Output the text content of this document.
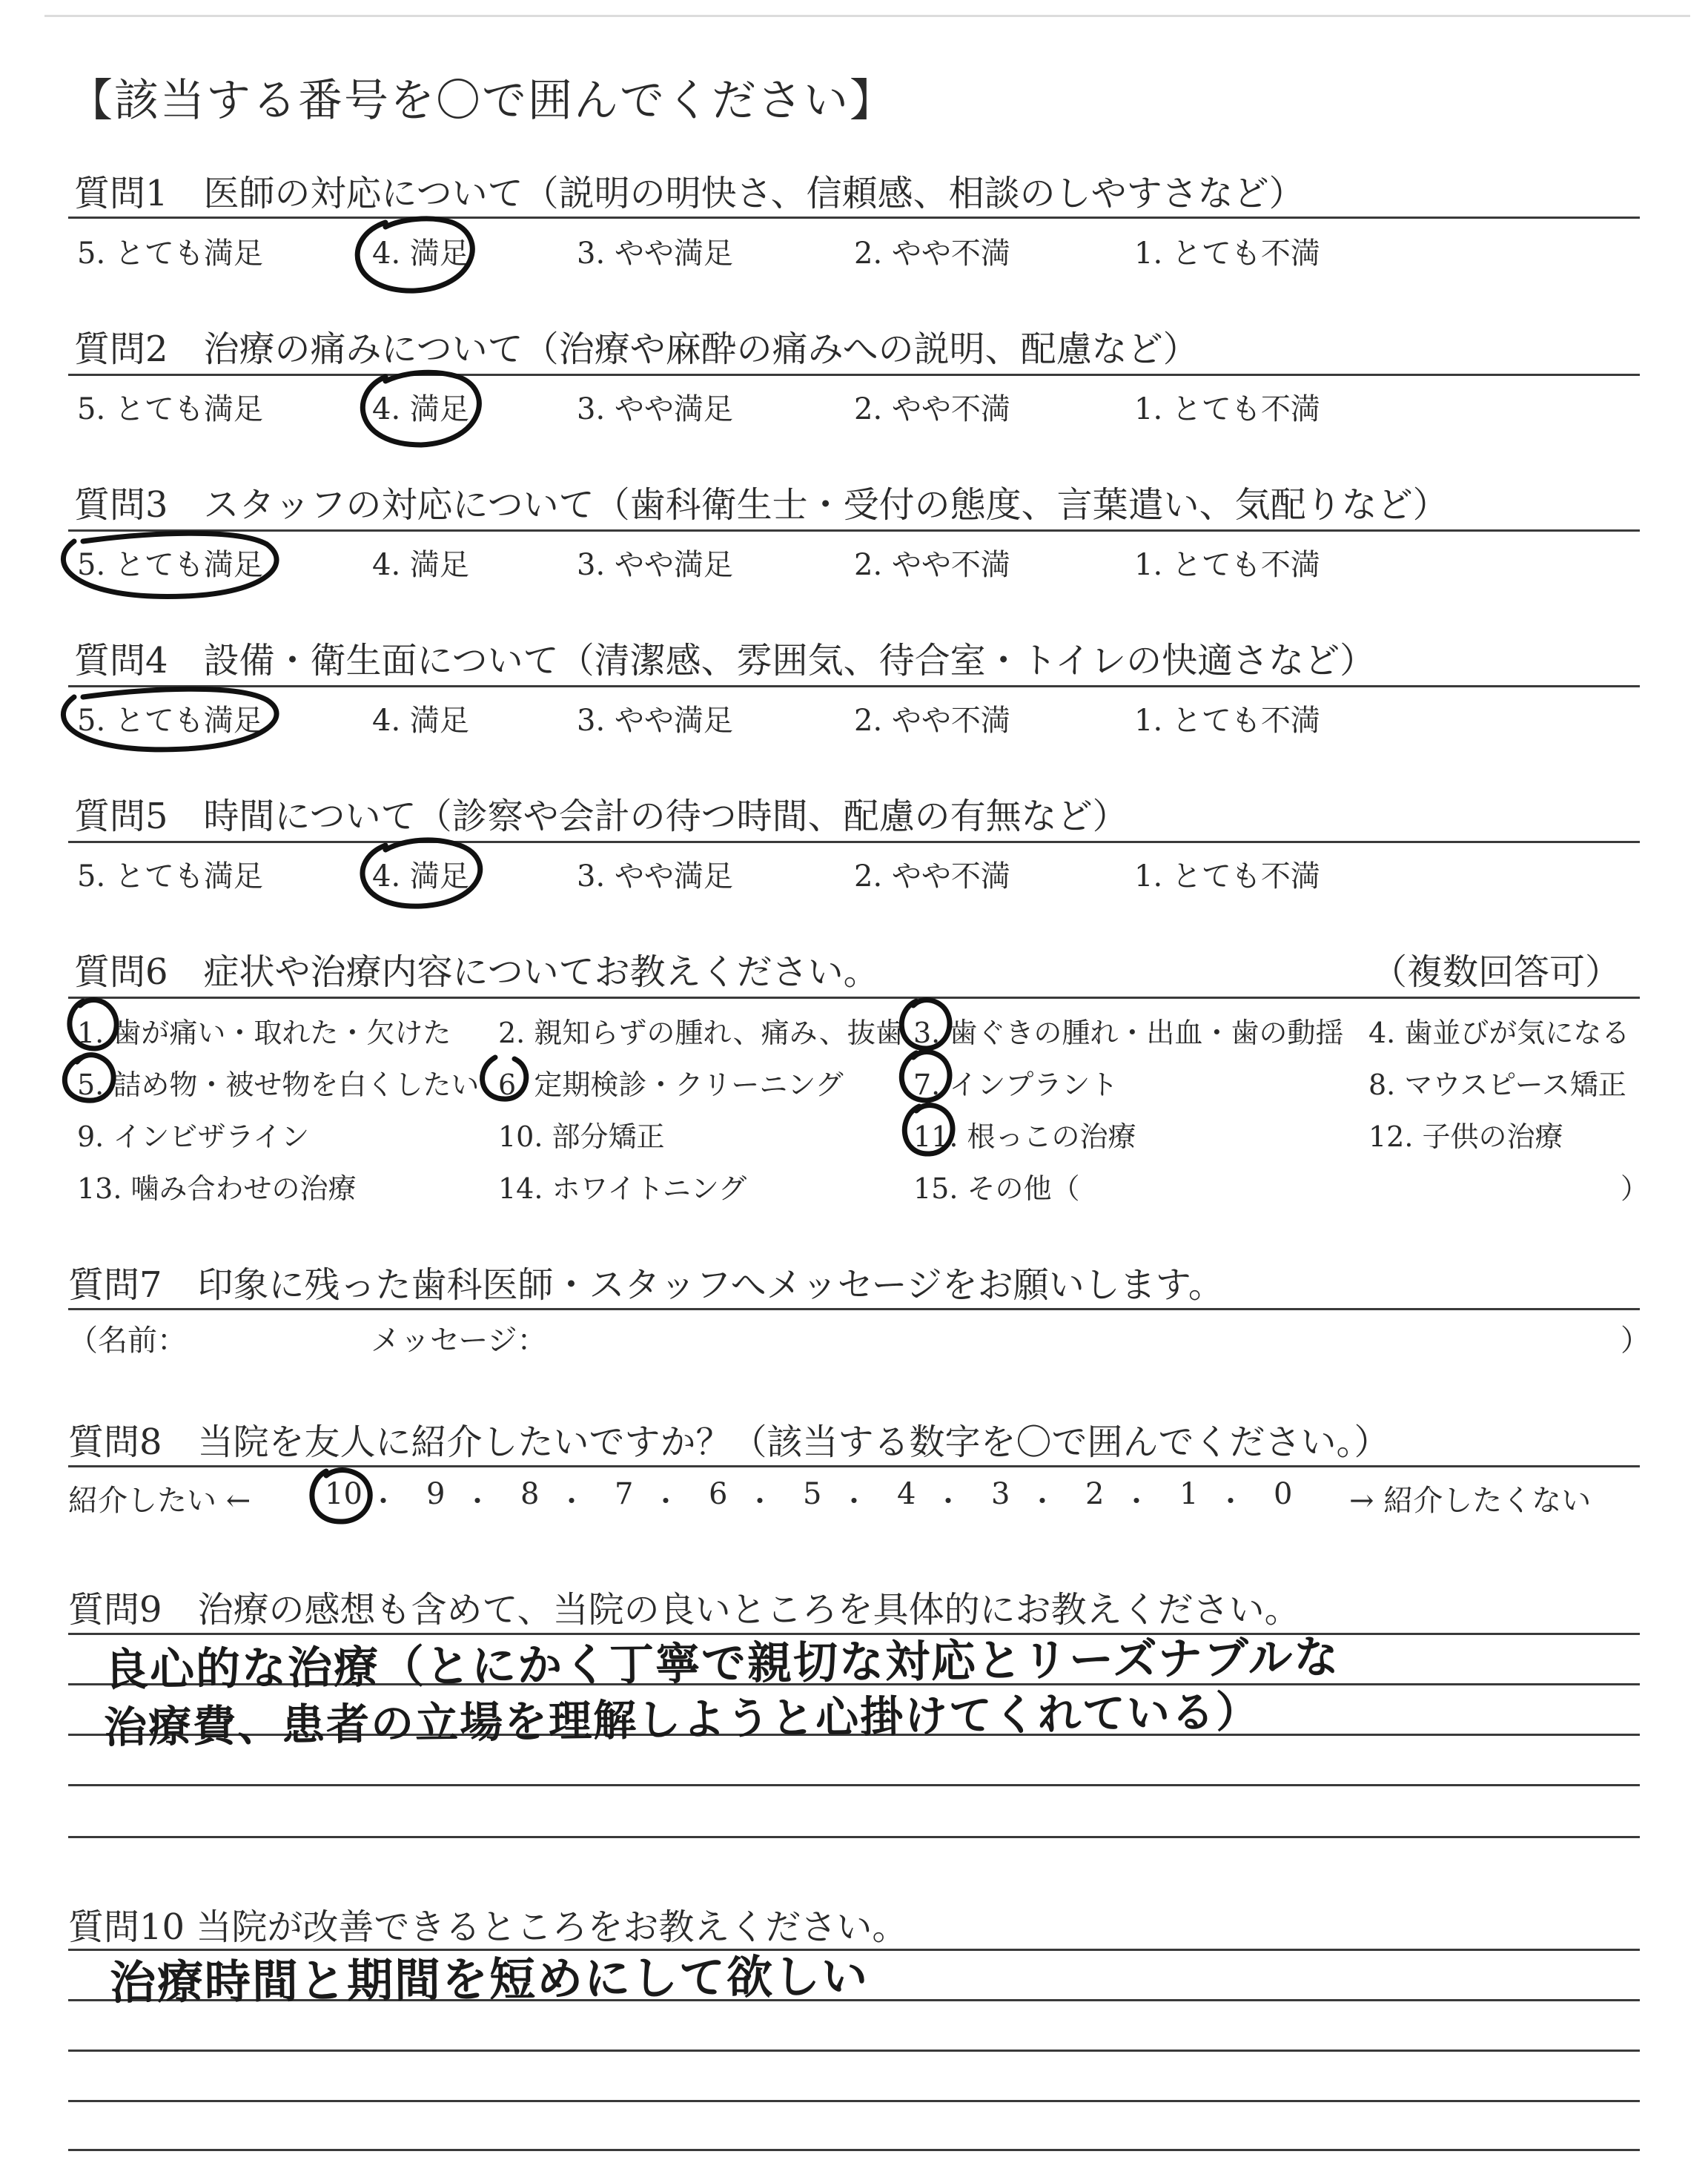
【該当する番号を〇で囲んでください】
質問1　医師の対応について（説明の明快さ、信頼感、相談のしやすさなど）
5. とても満足	4. 満足	3. やや満足	2. やや不満	1. とても不満
質問2　治療の痛みについて（治療や麻酔の痛みへの説明、配慮など）
5. とても満足	4. 満足	3. やや満足	2. やや不満	1. とても不満
質問3　スタッフの対応について（歯科衛生士・受付の態度、言葉遣い、気配りなど）
5. とても満足	4. 満足	3. やや満足	2. やや不満	1. とても不満
質問4　設備・衛生面について（清潔感、雰囲気、待合室・トイレの快適さなど）
5. とても満足	4. 満足	3. やや満足	2. やや不満	1. とても不満
質問5　時間について（診察や会計の待つ時間、配慮の有無など）
5. とても満足	4. 満足	3. やや満足	2. やや不満	1. とても不満
質問6　症状や治療内容についてお教えください。	（複数回答可）
1. 歯が痛い・取れた・欠けた 2. 親知らずの腫れ、痛み、抜歯 3. 歯ぐきの腫れ・出血・歯の動揺 4. 歯並びが気になる
5. 詰め物・被せ物を白くしたい 6. 定期検診・クリーニング 7. インプラント	8. マウスピース矯正
9. インビザライン	10. 部分矯正	11. 根っこの治療	12. 子供の治療
13. 噛み合わせの治療	14. ホワイトニング	15. その他（	）
質問7　印象に残った歯科医師・スタッフへメッセージをお願いします。
（名前：	メッセージ：	）
質問8　当院を友人に紹介したいですか？（該当する数字を〇で囲んでください。）
紹介したい ← 10 ・ 9 ・ 8 ・ 7 ・ 6 ・ 5 ・ 4 ・ 3 ・ 2 ・ 1 ・ 0 → 紹介したくない
質問9　治療の感想も含めて、当院の良いところを具体的にお教えください。
良心的な治療（とにかく丁寧で親切な対応とリーズナブルな
治療費、患者の立場を理解しようと心掛けてくれている）
質問10 当院が改善できるところをお教えください。
治療時間と期間を短めにして欲しい
